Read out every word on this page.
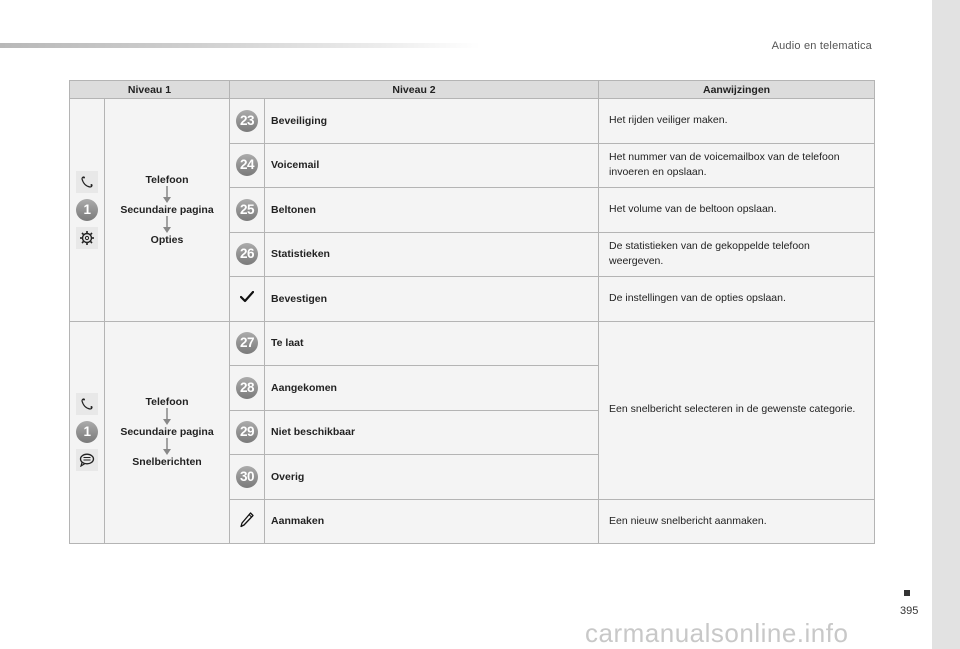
Audio en telematica
Niveau 1		Niveau 2		Aanwijzingen

1	Telefoon
Secundaire pagina
Opties	23	Beveiliging	Het rijden veiliger maken.
		24	Voicemail	Het nummer van de voicemailbox van de telefoon invoeren en opslaan.
		25	Beltonen	Het volume van de beltoon opslaan.
		26	Statistieken	De statistieken van de gekoppelde telefoon weergeven.
	Bevestigen	De instellingen van de opties opslaan.

1	Telefoon
Secundaire pagina
Snelberichten	27	Te laat	Een snelbericht selecteren in de gewenste categorie.
		28	Aangekomen	
		29	Niet beschikbaar	
		30	Overig	
	Aanmaken	Een nieuw snelbericht aanmaken.
395
carmanualsonline.info
